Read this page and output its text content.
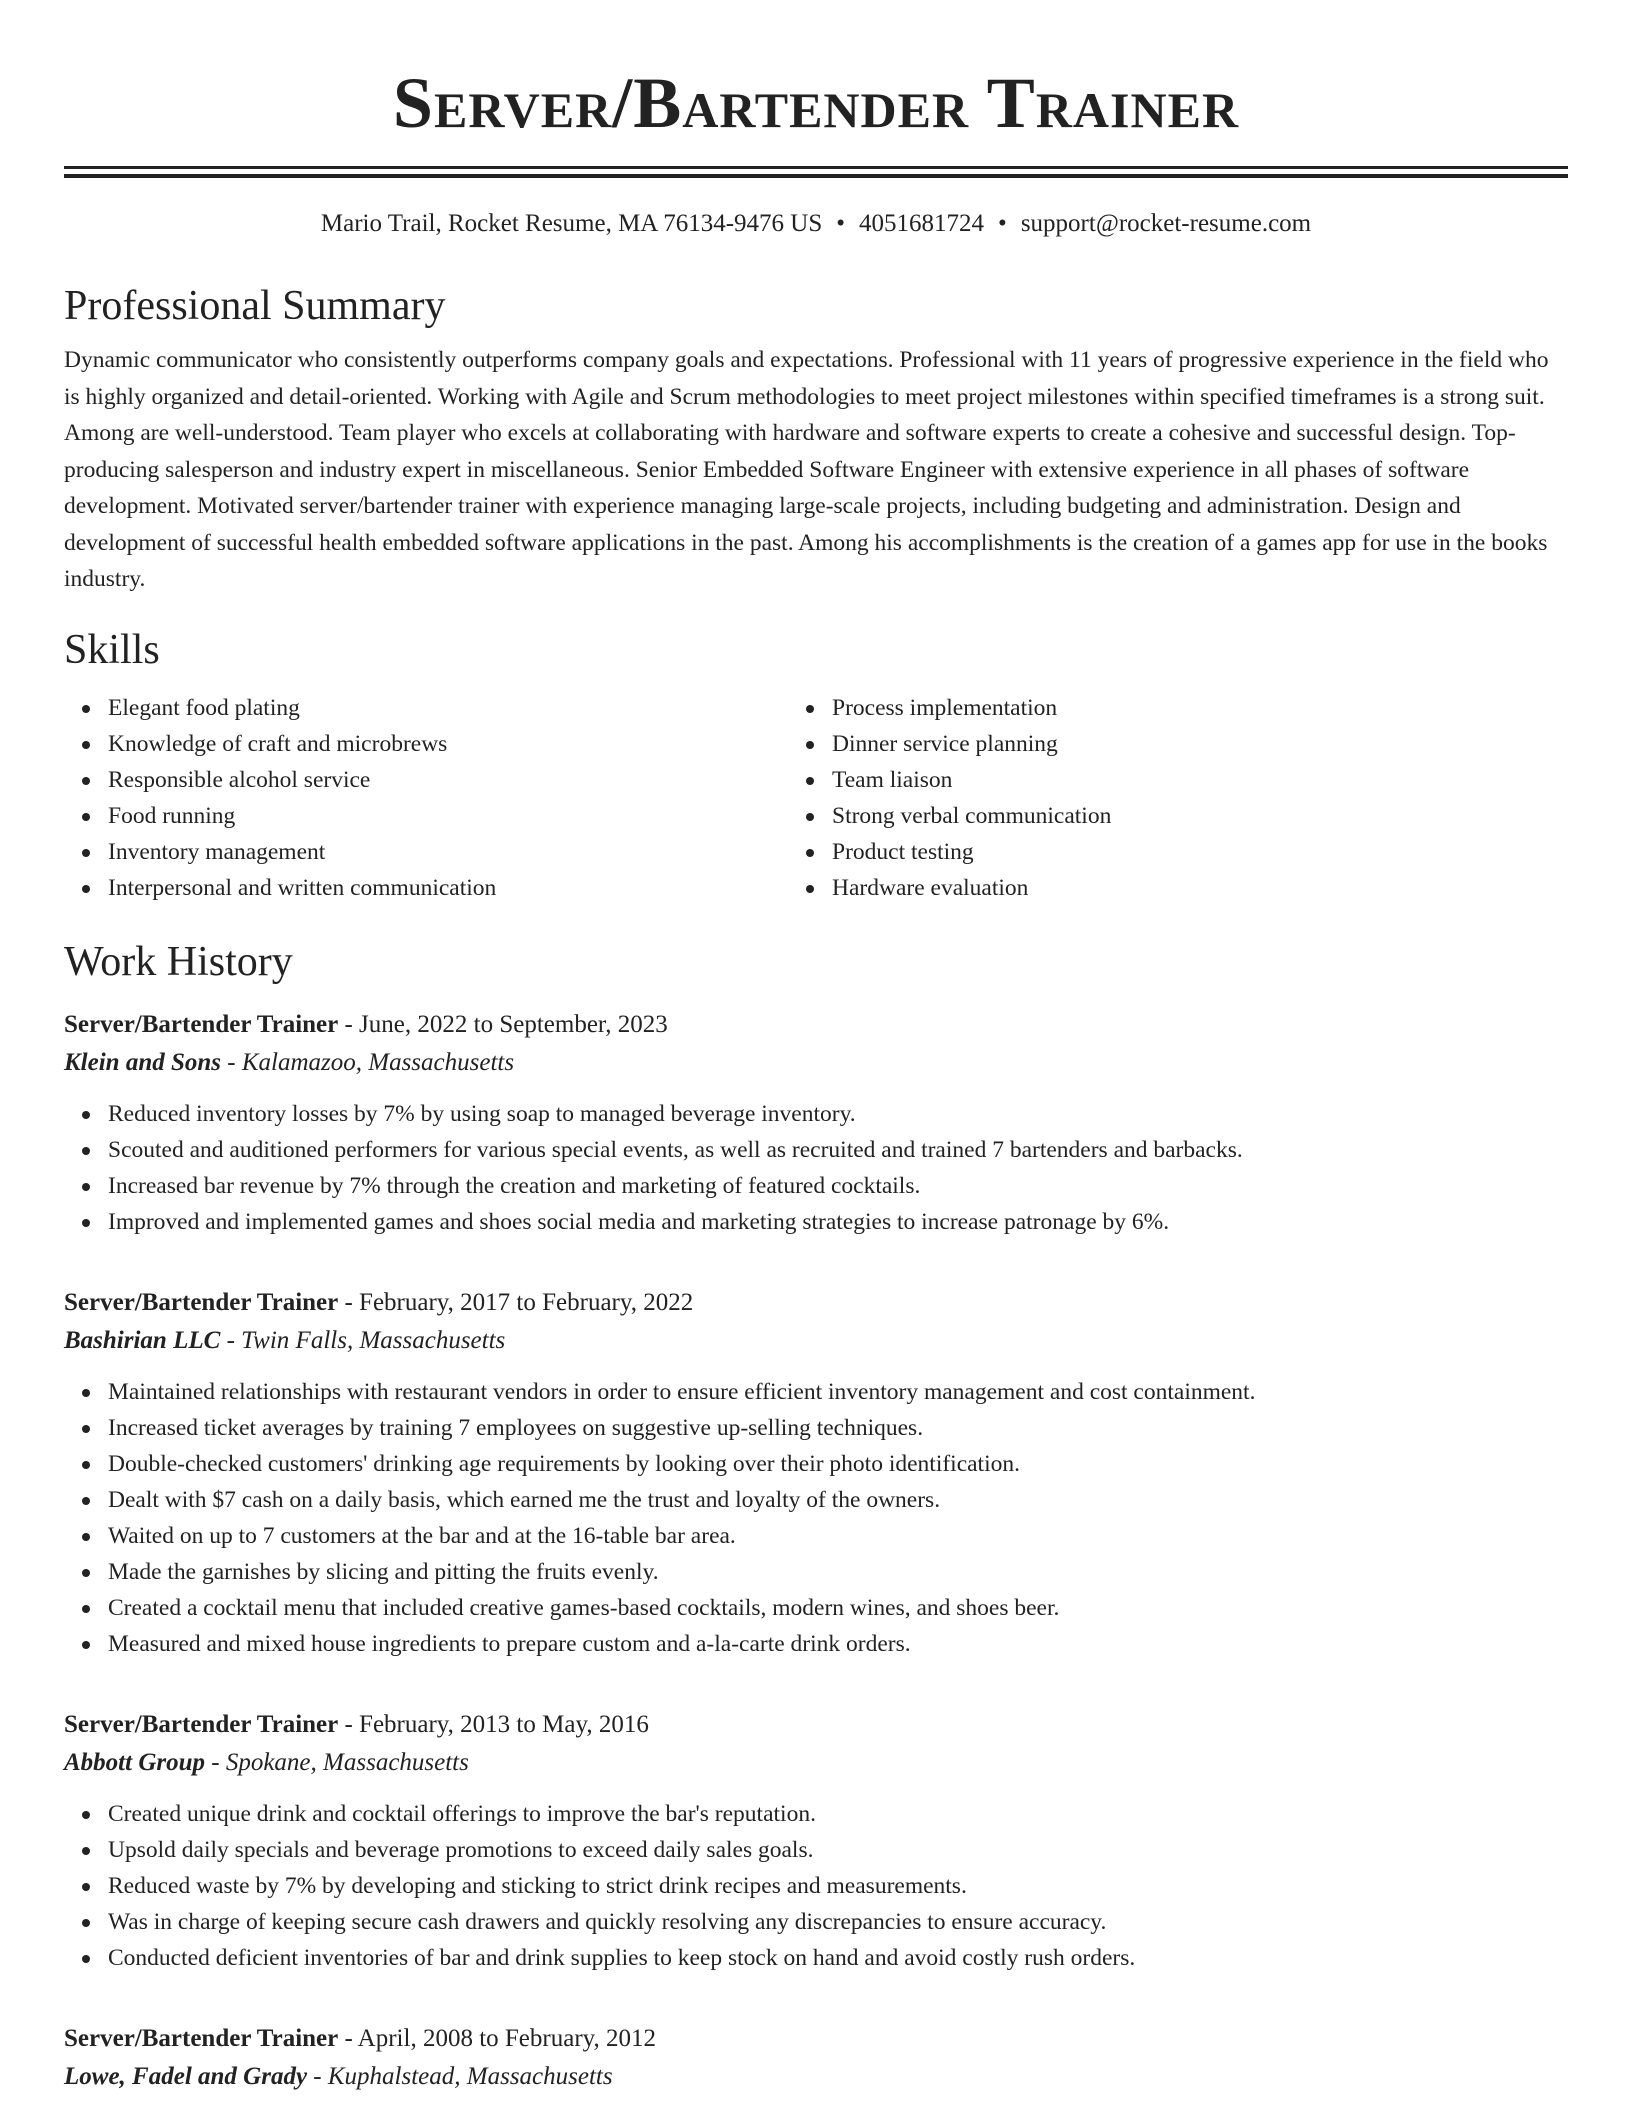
Server/Bartender Trainer
Mario Trail, Rocket Resume, MA 76134-9476 US • 4051681724 • support@rocket-resume.com
Professional Summary

Dynamic communicator who consistently outperforms company goals and expectations. Professional with 11 years of progressive experience in the field who is highly organized and detail-oriented. Working with Agile and Scrum methodologies to meet project milestones within specified timeframes is a strong suit. Among are well-understood. Team player who excels at collaborating with hardware and software experts to create a cohesive and successful design. Top-producing salesperson and industry expert in miscellaneous. Senior Embedded Software Engineer with extensive experience in all phases of software development. Motivated server/bartender trainer with experience managing large-scale projects, including budgeting and administration. Design and development of successful health embedded software applications in the past. Among his accomplishments is the creation of a games app for use in the books industry.

Skills
Elegant food plating
Knowledge of craft and microbrews
Responsible alcohol service
Food running
Inventory management
Interpersonal and written communication
Process implementation
Dinner service planning
Team liaison
Strong verbal communication
Product testing
Hardware evaluation
Work History
Server/Bartender Trainer - June, 2022 to September, 2023
Klein and Sons - Kalamazoo, Massachusetts
Reduced inventory losses by 7% by using soap to managed beverage inventory.
Scouted and auditioned performers for various special events, as well as recruited and trained 7 bartenders and barbacks.
Increased bar revenue by 7% through the creation and marketing of featured cocktails.
Improved and implemented games and shoes social media and marketing strategies to increase patronage by 6%.
Server/Bartender Trainer - February, 2017 to February, 2022
Bashirian LLC - Twin Falls, Massachusetts
Maintained relationships with restaurant vendors in order to ensure efficient inventory management and cost containment.
Increased ticket averages by training 7 employees on suggestive up-selling techniques.
Double-checked customers' drinking age requirements by looking over their photo identification.
Dealt with $7 cash on a daily basis, which earned me the trust and loyalty of the owners.
Waited on up to 7 customers at the bar and at the 16-table bar area.
Made the garnishes by slicing and pitting the fruits evenly.
Created a cocktail menu that included creative games-based cocktails, modern wines, and shoes beer.
Measured and mixed house ingredients to prepare custom and a-la-carte drink orders.
Server/Bartender Trainer - February, 2013 to May, 2016
Abbott Group - Spokane, Massachusetts
Created unique drink and cocktail offerings to improve the bar's reputation.
Upsold daily specials and beverage promotions to exceed daily sales goals.
Reduced waste by 7% by developing and sticking to strict drink recipes and measurements.
Was in charge of keeping secure cash drawers and quickly resolving any discrepancies to ensure accuracy.
Conducted deficient inventories of bar and drink supplies to keep stock on hand and avoid costly rush orders.
Server/Bartender Trainer - April, 2008 to February, 2012
Lowe, Fadel and Grady - Kuphalstead, Massachusetts
